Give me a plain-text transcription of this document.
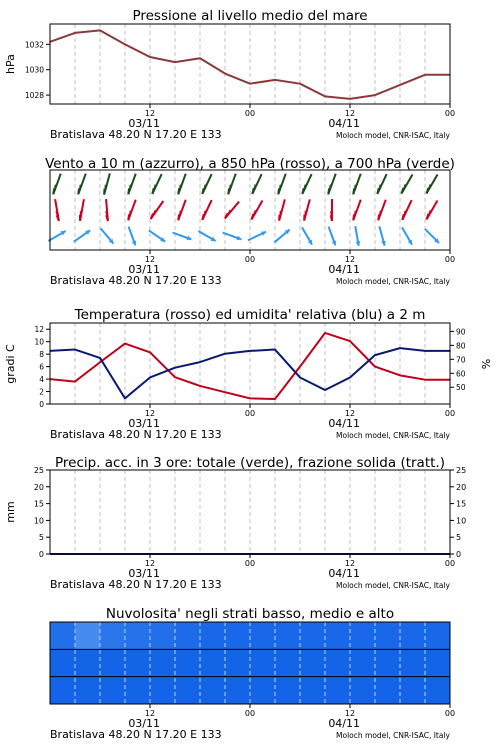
1028
1030
1032
12	00	12	00
03/11	04/11
Bratislava 48.20 N 17.20 E 133	Moloch model, CNR-ISAC, Italy
Pressione al livello medio del mare
hPa
12	00	12	00
03/11	04/11
Bratislava 48.20 N 17.20 E 133	Moloch model, CNR-ISAC, Italy
Vento a 10 m (azzurro), a 850 hPa (rosso), a 700 hPa (verde)
0
2
4
6
8
10
12
50
60
70
80
90
12	00	12	00
03/11	04/11
Bratislava 48.20 N 17.20 E 133	Moloch model, CNR-ISAC, Italy
Temperatura (rosso) ed umidita' relativa (blu) a 2 m
gradi C	%
0
5
10
15
20
25
0
5
10
15
20
25
12	00	12	00
03/11	04/11
Bratislava 48.20 N 17.20 E 133	Moloch model, CNR-ISAC, Italy
Precip. acc. in 3 ore: totale (verde), frazione solida (tratt.)
mm
12	00	12	00
03/11	04/11
Bratislava 48.20 N 17.20 E 133	Moloch model, CNR-ISAC, Italy
Nuvolosita' negli strati basso, medio e alto
